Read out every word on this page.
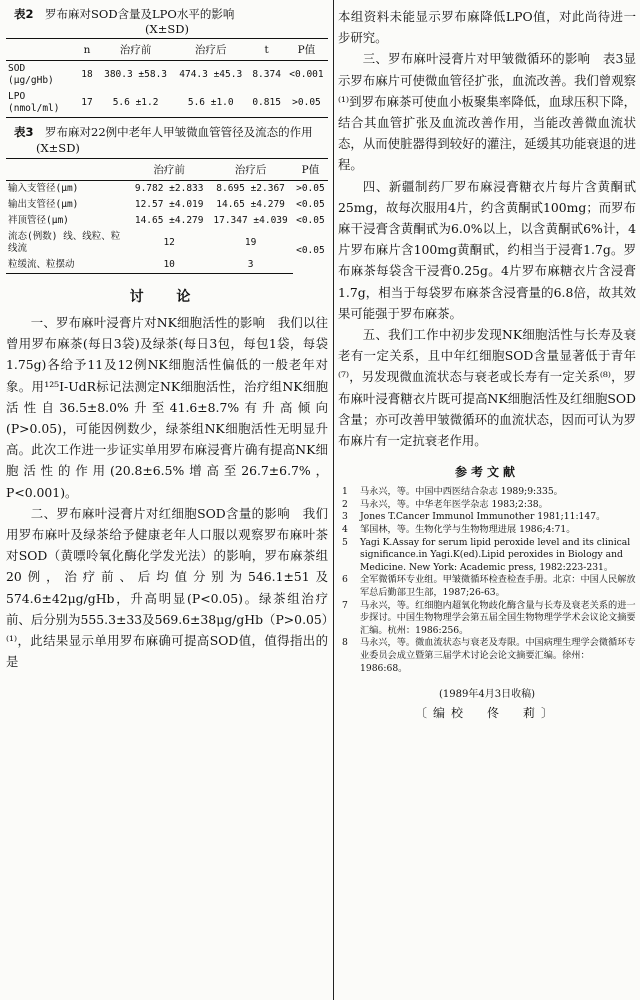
表2　 罗布麻对SOD含量及LPO水平的影响
(X±SD)
	n	治疗前	治疗后	t	P值
SOD (μg/gHb)	18	380.3 ±58.3	474.3 ±45.3	8.374	<0.001
LPO (nmol/ml)	17	5.6 ±1.2	5.6 ±1.0	0.815	>0.05
表3　 罗布麻对22例中老年人甲皱微血管管径及流态的作用 (X±SD)
	治疗前	治疗后	P值
输入支管径(μm)	9.782 ±2.833	8.695 ±2.367	>0.05
输出支管径(μm)	12.57 ±4.019	14.65 ±4.279	<0.05
袢顶管径(μm)	14.65 ±4.279	17.347 ±4.039	<0.05
流态(例数) 线、线粒、粒线流	12	19	<0.05
粒缓流、粒摆动	10	3	
讨 论

一、罗布麻叶浸膏片对NK细胞活性的影响　我们以往曾用罗布麻茶(每日3袋)及绿茶(每日3包，每包1袋，每袋1.75g)各给予11及12例NK细胞活性偏低的一般老年对象。用¹²⁵I-UdR标记法测定NK细胞活性，治疗组NK细胞活性自36.5±8.0%升至41.6±8.7%有升高倾向(P>0.05)，可能因例数少，绿茶组NK细胞活性无明显升高。此次工作进一步证实单用罗布麻浸膏片确有提高NK细胞活性的作用(20.8±6.5%增高至26.7±6.7%，P<0.001)。

二、罗布麻叶浸膏片对红细胞SOD含量的影响　我们用罗布麻叶及绿茶给予健康老年人口服以观察罗布麻叶茶对SOD（黄嘌呤氧化酶化学发光法）的影响，罗布麻茶组20例，治疗前、后均值分别为546.1±51及574.6±42μg/gHb，升高明显(P<0.05)。绿茶组治疗前、后分别为555.3±33及569.6±38μg/gHb（P>0.05）⁽¹⁾，此结果显示单用罗布麻确可提高SOD值，值得指出的是

本组资料未能显示罗布麻降低LPO值，对此尚待进一步研究。

三、罗布麻叶浸膏片对甲皱微循环的影响　表3显示罗布麻片可使微血管径扩张，血流改善。我们曾观察⁽¹⁾到罗布麻茶可使血小板聚集率降低，血球压积下降，结合其血管扩张及血流改善作用，当能改善微血流状态，从而使脏器得到较好的灌注，延缓其功能衰退的进程。

四、新疆制药厂罗布麻浸膏糖衣片每片含黄酮甙25mg，故每次服用4片，约含黄酮甙100mg；而罗布麻干浸膏含黄酮甙为6.0%以上，以含黄酮甙6%计，4片罗布麻片含100mg黄酮甙，约相当于浸膏1.7g。罗布麻茶每袋含干浸膏0.25g。4片罗布麻糖衣片含浸膏1.7g，相当于每袋罗布麻茶含浸膏量的6.8倍，故其效果可能强于罗布麻茶。

五、我们工作中初步发现NK细胞活性与长寿及衰老有一定关系，且中年红细胞SOD含量显著低于青年⁽⁷⁾，另发现微血流状态与衰老或长寿有一定关系⁽⁸⁾，罗布麻叶浸膏糖衣片既可提高NK细胞活性及红细胞SOD含量；亦可改善甲皱微循环的血流状态，因而可认为罗布麻片有一定抗衰老作用。

参考文献
1 马永兴，等。中国中西医结合杂志 1989;9:335。
2 马永兴，等。中华老年医学杂志 1983;2:38。
3 Jones T.Cancer Immunol Immunother 1981;11:147。
4 邹国林，等。生物化学与生物物理进展 1986;4:71。
5 Yagi K.Assay for serum lipid peroxide level and its clinical significance.in Yagi.K(ed).Lipid peroxides in Biology and Medicine. New York: Academic press, 1982:223-231。
6 全军微循环专业组。甲皱微循环检查检查手册。北京：中国人民解放军总后勤部卫生部，1987;26-63。
7 马永兴，等。红细胞内超氧化物歧化酶含量与长寿及衰老关系的进一步探讨。中国生物物理学会第五届全国生物物理学学术会议论文摘要汇编。杭州：1986:256。
8 马永兴，等。微血流状态与衰老及寿限。中国病理生理学会微循环专业委员会成立暨第三届学术讨论会论文摘要汇编。徐州：1986:68。
(1989年4月3日收稿)
〔编校　佟　莉〕
